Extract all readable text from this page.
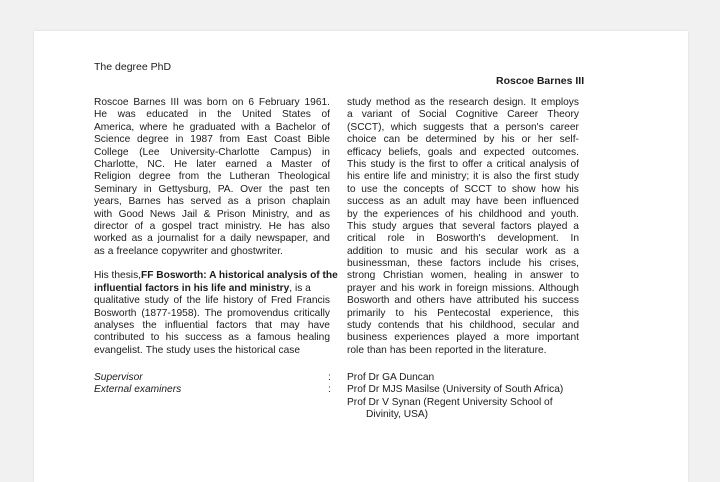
The degree PhD
Roscoe Barnes III
Roscoe Barnes III was born on 6 February 1961.
He was educated in the United States of
America, where he graduated with a Bachelor of
Science degree in 1987 from East Coast Bible
College (Lee University-Charlotte Campus) in
Charlotte, NC. He later earned a Master of
Religion degree from the Lutheran Theological
Seminary in Gettysburg, PA. Over the past ten
years, Barnes has served as a prison chaplain
with Good News Jail & Prison Ministry, and as
director of a gospel tract ministry. He has also
worked as a journalist for a daily newspaper, and
as a freelance copywriter and ghostwriter.
His thesis, FF Bosworth: A historical analysis of the
influential factors in his life and ministry, is a
qualitative study of the life history of Fred Francis
Bosworth (1877-1958). The promovendus critically
analyses the influential factors that may have
contributed to his success as a famous healing
evangelist. The study uses the historical case
study method as the research design. It employs
a variant of Social Cognitive Career Theory
(SCCT), which suggests that a person's career
choice can be determined by his or her self-
efficacy beliefs, goals and expected outcomes.
This study is the first to offer a critical analysis of
his entire life and ministry; it is also the first study
to use the concepts of SCCT to show how his
success as an adult may have been influenced
by the experiences of his childhood and youth.
This study argues that several factors played a
critical role in Bosworth's development. In
addition to music and his secular work as a
businessman, these factors include his crises,
strong Christian women, healing in answer to
prayer and his work in foreign missions. Although
Bosworth and others have attributed his success
primarily to his Pentecostal experience, this
study contends that his childhood, secular and
business experiences played a more important
role than has been reported in the literature.
Supervisor
External examiners
:
:
Prof Dr GA Duncan
Prof Dr MJS Masilse (University of South Africa)
Prof Dr V Synan (Regent University School of
Divinity, USA)
